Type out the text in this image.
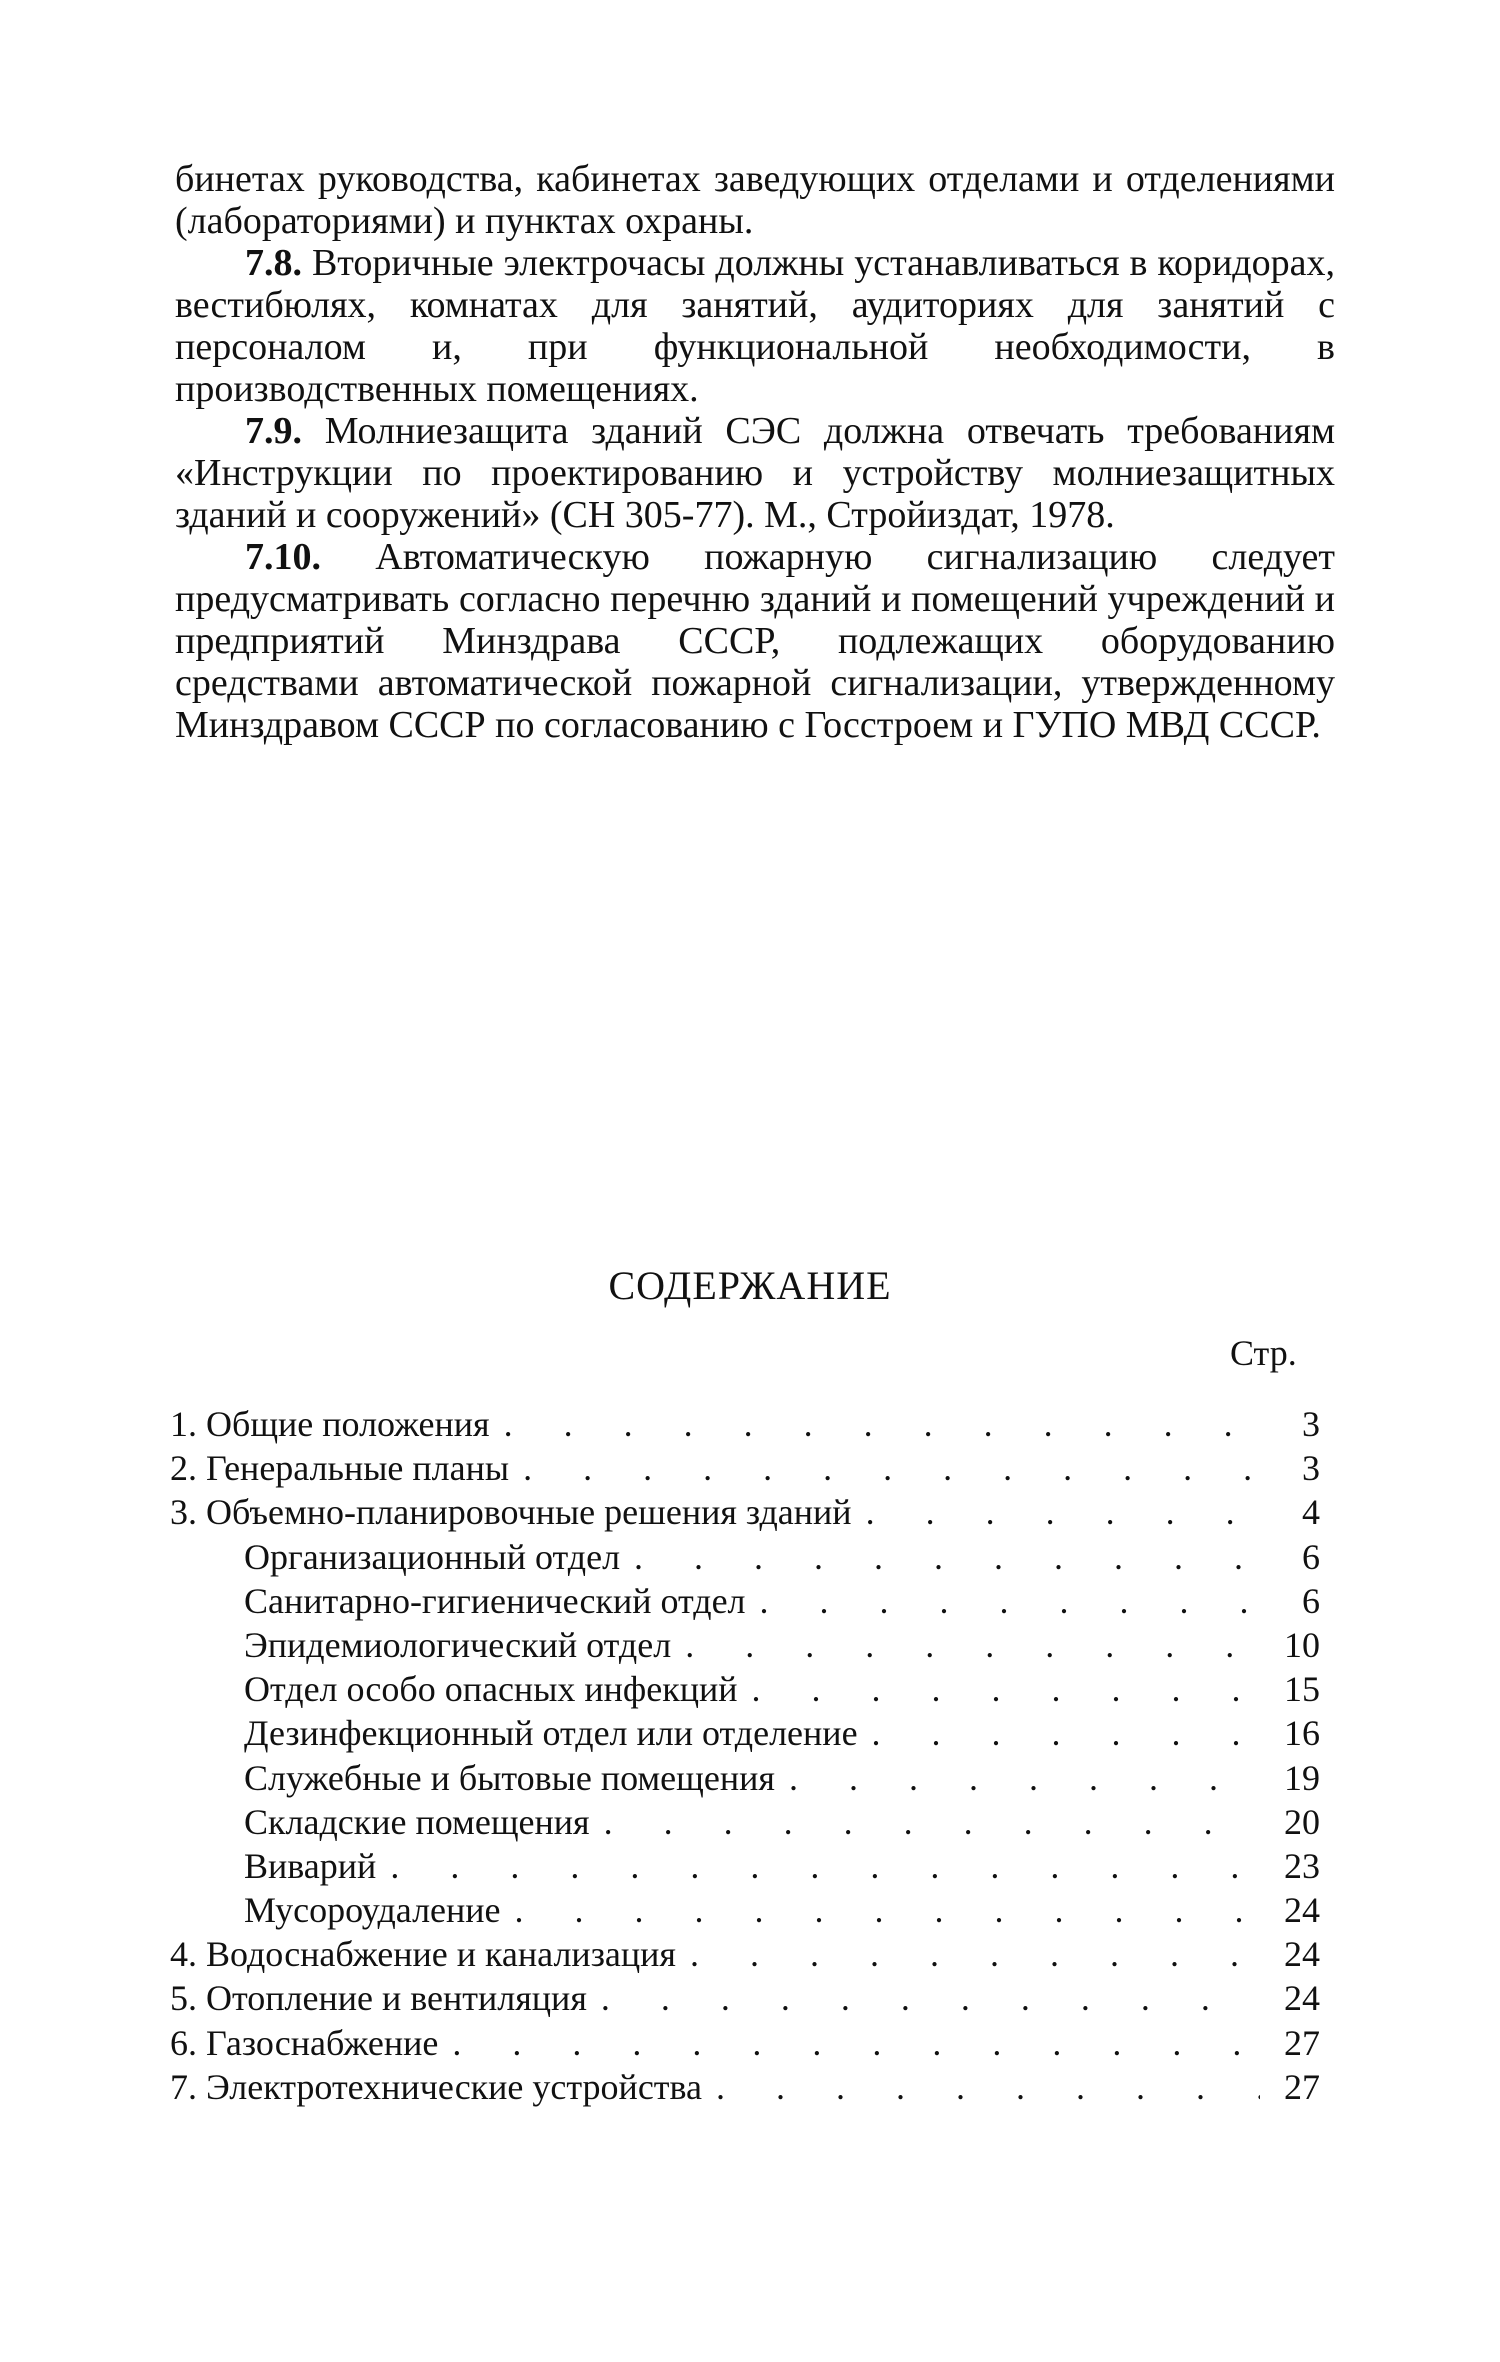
бинетах руководства, кабинетах заведующих отделами и отделениями (лабораториями) и пунктах охраны.

7.8. Вторичные электрочасы должны устанавливаться в коридорах, вестибюлях, комнатах для занятий, аудиториях для занятий с персоналом и, при функциональной необходимости, в производственных помещениях.

7.9. Молниезащита зданий СЭС должна отвечать требованиям «Инструкции по проектированию и устройству молниезащитных зданий и сооружений» (СН 305-77). М., Стройиздат, 1978.

7.10. Автоматическую пожарную сигнализацию следует предусматривать согласно перечню зданий и помещений учреждений и предприятий Минздрава СССР, подлежащих оборудованию средствами автоматической пожарной сигнализации, утвержденному Минздравом СССР по согласованию с Госстроем и ГУПО МВД СССР.

СОДЕРЖАНИЕ
Стр.
1. Общие положения . . .	3
2. Генеральные планы . . .	3
3. Объемно-планировочные решения зданий . . .	4
Организационный отдел . . .	6
Санитарно-гигиенический отдел . . .	6
Эпидемиологический отдел . . .	10
Отдел особо опасных инфекций . . .	15
Дезинфекционный отдел или отделение . . .	16
Служебные и бытовые помещения . . .	19
Складские помещения . . .	20
Виварий . . .	23
Мусороудаление . . .	24
4. Водоснабжение и канализация . . .	24
5. Отопление и вентиляция . . .	24
6. Газоснабжение . . .	27
7. Электротехнические устройства . . .	27
